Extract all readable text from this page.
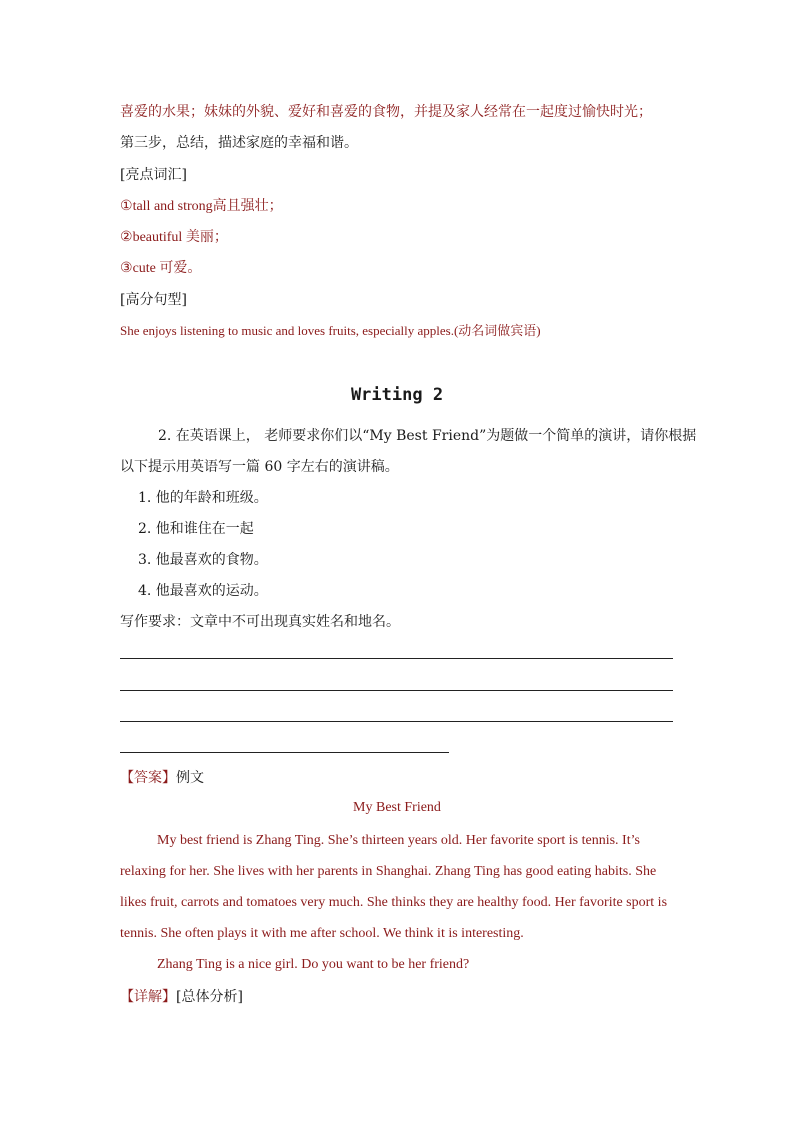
喜爱的水果；妹妹的外貌、爱好和喜爱的食物，并提及家人经常在一起度过愉快时光；
第三步，总结，描述家庭的幸福和谐。
[亮点词汇]
①tall and strong高且强壮；
②beautiful 美丽；
③cute 可爱。
[高分句型]
She enjoys listening to music and loves fruits, especially apples.(动名词做宾语)
Writing 2
2. 在英语课上， 老师要求你们以“My Best Friend”为题做一个简单的演讲，请你根据
以下提示用英语写一篇 60 字左右的演讲稿。
1. 他的年龄和班级。
2. 他和谁住在一起
3. 他最喜欢的食物。
4. 他最喜欢的运动。
写作要求：文章中不可出现真实姓名和地名。
【答案】例文
My Best Friend
My best friend is Zhang Ting. She’s thirteen years old. Her favorite sport is tennis. It’s
relaxing for her. She lives with her parents in Shanghai. Zhang Ting has good eating habits. She
likes fruit, carrots and tomatoes very much. She thinks they are healthy food. Her favorite sport is
tennis. She often plays it with me after school. We think it is interesting.
Zhang Ting is a nice girl. Do you want to be her friend?
【详解】[总体分析]
